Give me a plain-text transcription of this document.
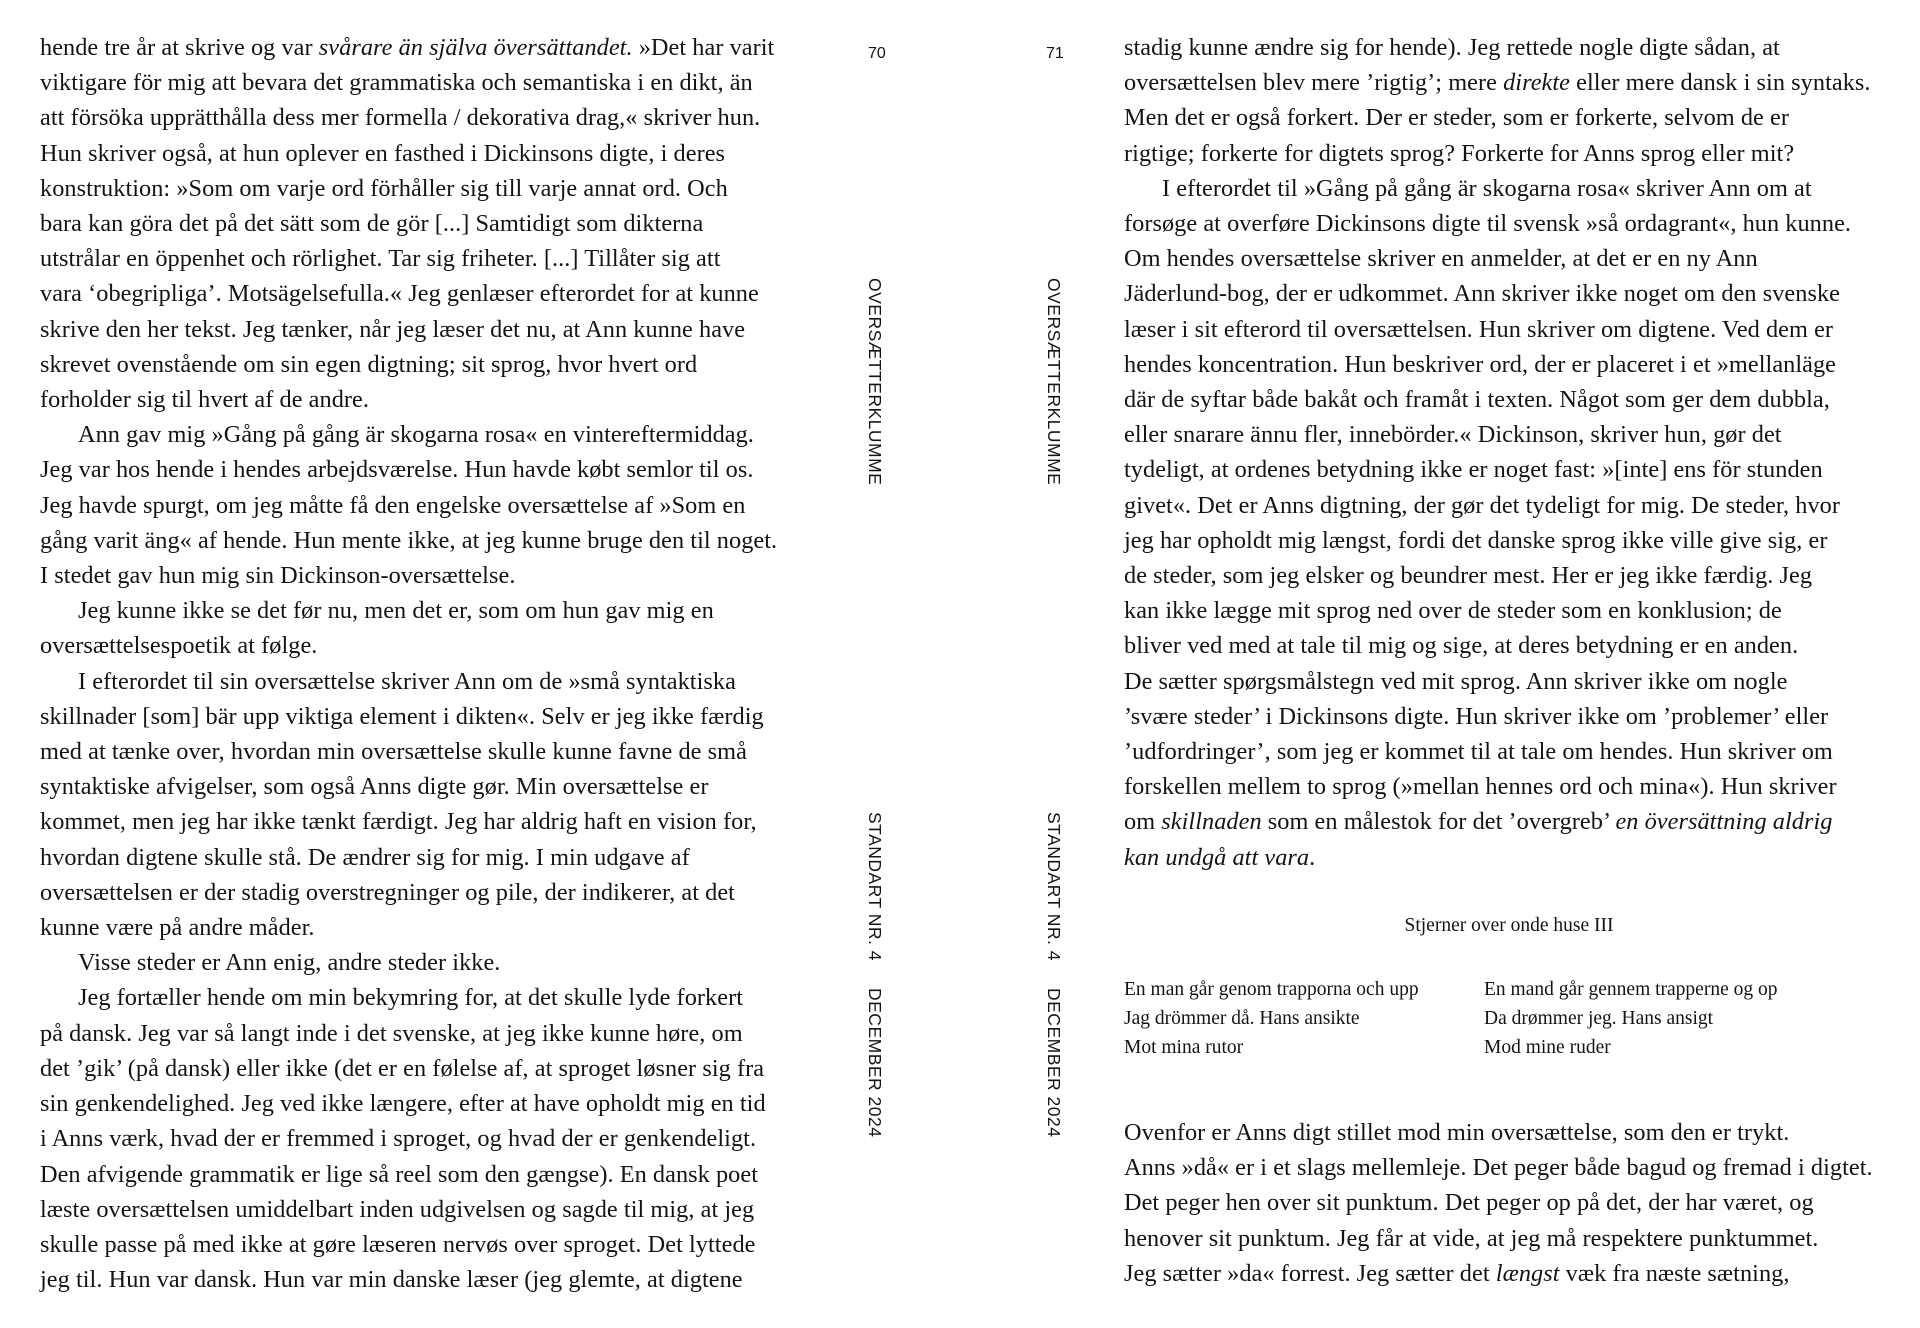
hende tre år at skrive og var svårare än själva översättandet. »Det har varit

viktigare för mig att bevara det grammatiska och semantiska i en dikt, än

att försöka upprätthålla dess mer formella / dekorativa drag,« skriver hun.

Hun skriver også, at hun oplever en fasthed i Dickinsons digte, i deres

konstruktion: »Som om varje ord förhåller sig till varje annat ord. Och

bara kan göra det på det sätt som de gör [...] Samtidigt som dikterna

utstrålar en öppenhet och rörlighet. Tar sig friheter. [...] Tillåter sig att

vara ‘obegripliga’. Motsägelsefulla.« Jeg genlæser efterordet for at kunne

skrive den her tekst. Jeg tænker, når jeg læser det nu, at Ann kunne have

skrevet ovenstående om sin egen digtning; sit sprog, hvor hvert ord

forholder sig til hvert af de andre.

Ann gav mig »Gång på gång är skogarna rosa« en vintereftermiddag.

Jeg var hos hende i hendes arbejdsværelse. Hun havde købt semlor til os.

Jeg havde spurgt, om jeg måtte få den engelske oversættelse af »Som en

gång varit äng« af hende. Hun mente ikke, at jeg kunne bruge den til noget.

I stedet gav hun mig sin Dickinson-oversættelse.

Jeg kunne ikke se det før nu, men det er, som om hun gav mig en

oversættelsespoetik at følge.

I efterordet til sin oversættelse skriver Ann om de »små syntaktiska

skillnader [som] bär upp viktiga element i dikten«. Selv er jeg ikke færdig

med at tænke over, hvordan min oversættelse skulle kunne favne de små

syntaktiske afvigelser, som også Anns digte gør. Min oversættelse er

kommet, men jeg har ikke tænkt færdigt. Jeg har aldrig haft en vision for,

hvordan digtene skulle stå. De ændrer sig for mig. I min udgave af

oversættelsen er der stadig overstregninger og pile, der indikerer, at det

kunne være på andre måder.

Visse steder er Ann enig, andre steder ikke.

Jeg fortæller hende om min bekymring for, at det skulle lyde forkert

på dansk. Jeg var så langt inde i det svenske, at jeg ikke kunne høre, om

det ’gik’ (på dansk) eller ikke (det er en følelse af, at sproget løsner sig fra

sin genkendelighed. Jeg ved ikke længere, efter at have opholdt mig en tid

i Anns værk, hvad der er fremmed i sproget, og hvad der er genkendeligt.

Den afvigende grammatik er lige så reel som den gængse). En dansk poet

læste oversættelsen umiddelbart inden udgivelsen og sagde til mig, at jeg

skulle passe på med ikke at gøre læseren nervøs over sproget. Det lyttede

jeg til. Hun var dansk. Hun var min danske læser (jeg glemte, at digtene

70
OVERSÆTTERKLUMME
STANDART NR. 4
DECEMBER 2024
71
OVERSÆTTERKLUMME
STANDART NR. 4
DECEMBER 2024

stadig kunne ændre sig for hende). Jeg rettede nogle digte sådan, at

oversættelsen blev mere ’rigtig’; mere direkte eller mere dansk i sin syntaks.

Men det er også forkert. Der er steder, som er forkerte, selvom de er

rigtige; forkerte for digtets sprog? Forkerte for Anns sprog eller mit?

I efterordet til »Gång på gång är skogarna rosa« skriver Ann om at

forsøge at overføre Dickinsons digte til svensk »så ordagrant«, hun kunne.

Om hendes oversættelse skriver en anmelder, at det er en ny Ann

Jäderlund-bog, der er udkommet. Ann skriver ikke noget om den svenske

læser i sit efterord til oversættelsen. Hun skriver om digtene. Ved dem er

hendes koncentration. Hun beskriver ord, der er placeret i et »mellanläge

där de syftar både bakåt och framåt i texten. Något som ger dem dubbla,

eller snarare ännu fler, innebörder.« Dickinson, skriver hun, gør det

tydeligt, at ordenes betydning ikke er noget fast: »[inte] ens för stunden

givet«. Det er Anns digtning, der gør det tydeligt for mig. De steder, hvor

jeg har opholdt mig længst, fordi det danske sprog ikke ville give sig, er

de steder, som jeg elsker og beundrer mest. Her er jeg ikke færdig. Jeg

kan ikke lægge mit sprog ned over de steder som en konklusion; de

bliver ved med at tale til mig og sige, at deres betydning er en anden.

De sætter spørgsmålstegn ved mit sprog. Ann skriver ikke om nogle

’svære steder’ i Dickinsons digte. Hun skriver ikke om ’problemer’ eller

’udfordringer’, som jeg er kommet til at tale om hendes. Hun skriver om

forskellen mellem to sprog (»mellan hennes ord och mina«). Hun skriver

om skillnaden som en målestok for det ’overgreb’ en översättning aldrig

kan undgå att vara.

Stjerner over onde huse III
En man går genom trapporna och upp
Jag drömmer då. Hans ansikte
Mot mina rutor
En mand går gennem trapperne og op
Da drømmer jeg. Hans ansigt
Mod mine ruder

Ovenfor er Anns digt stillet mod min oversættelse, som den er trykt.

Anns »då« er i et slags mellemleje. Det peger både bagud og fremad i digtet.

Det peger hen over sit punktum. Det peger op på det, der har været, og

henover sit punktum. Jeg får at vide, at jeg må respektere punktummet.

Jeg sætter »da« forrest. Jeg sætter det længst væk fra næste sætning,
